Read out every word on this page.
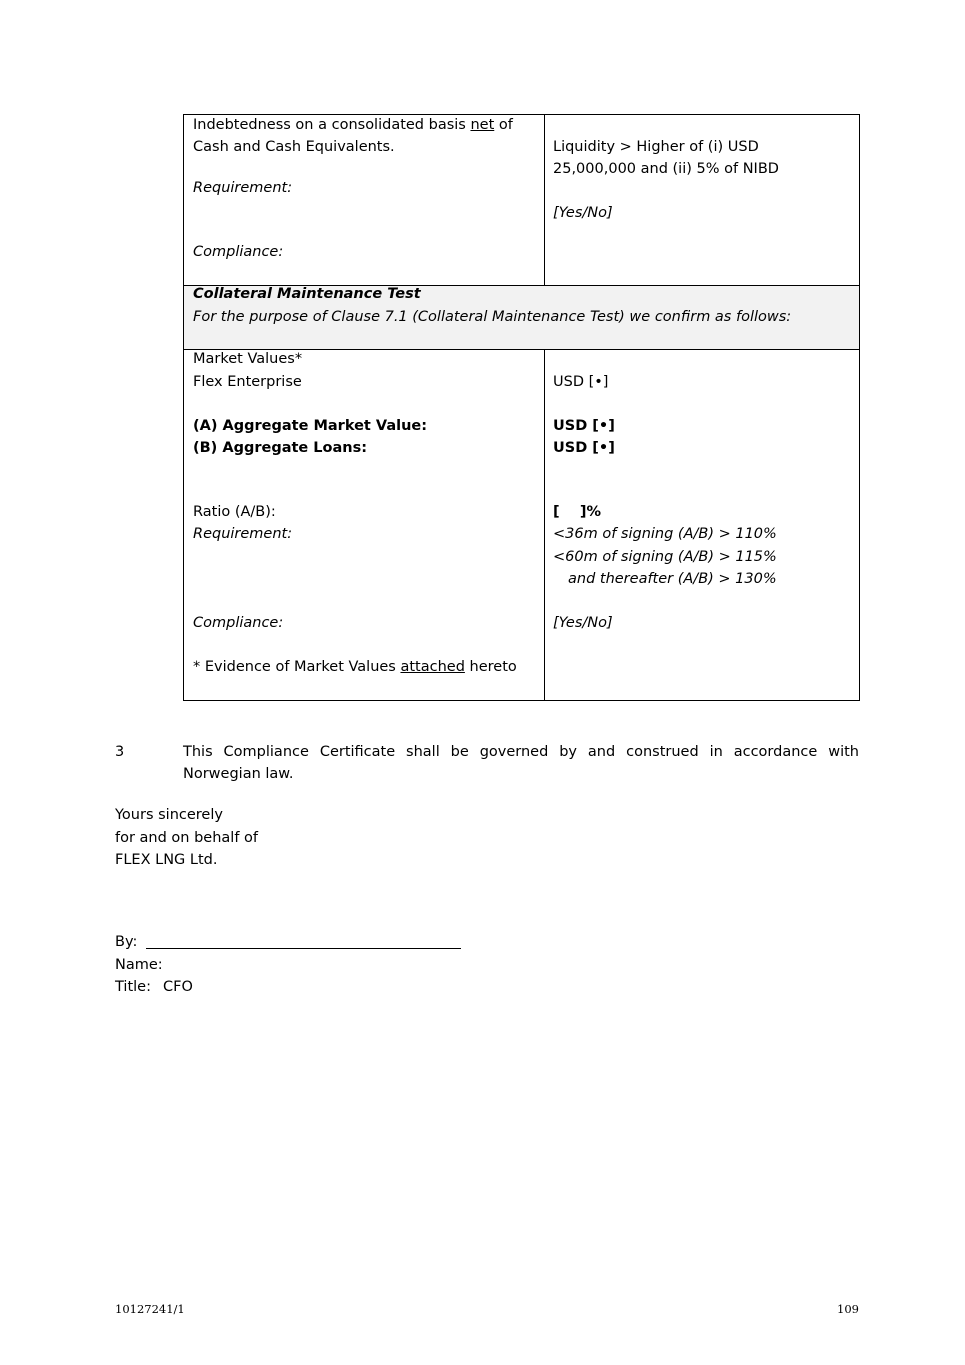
Indebtedness on a consolidated basis net of
Cash and Cash Equivalents.
Requirement:
Compliance:
Liquidity > Higher of (i) USD
25,000,000 and (ii) 5% of NIBD
[Yes/No]
Collateral Maintenance Test
For the purpose of Clause 7.1 (Collateral Maintenance Test) we confirm as follows:
Market Values*
Flex Enterprise
(A) Aggregate Market Value:
(B) Aggregate Loans:
Ratio (A/B):
Requirement:
Compliance:
* Evidence of Market Values attached hereto
USD [•]
USD [•]
USD [•]
[    ]%
<36m of signing (A/B) > 110%
<60m of signing (A/B) > 115%
and thereafter (A/B) > 130%
[Yes/No]
3	This Compliance Certificate shall be governed by and construed in accordance with
Norwegian law.
Yours sincerely
for and on behalf of
FLEX LNG Ltd.
By:
Name:
Title: CFO
10127241/1	109
